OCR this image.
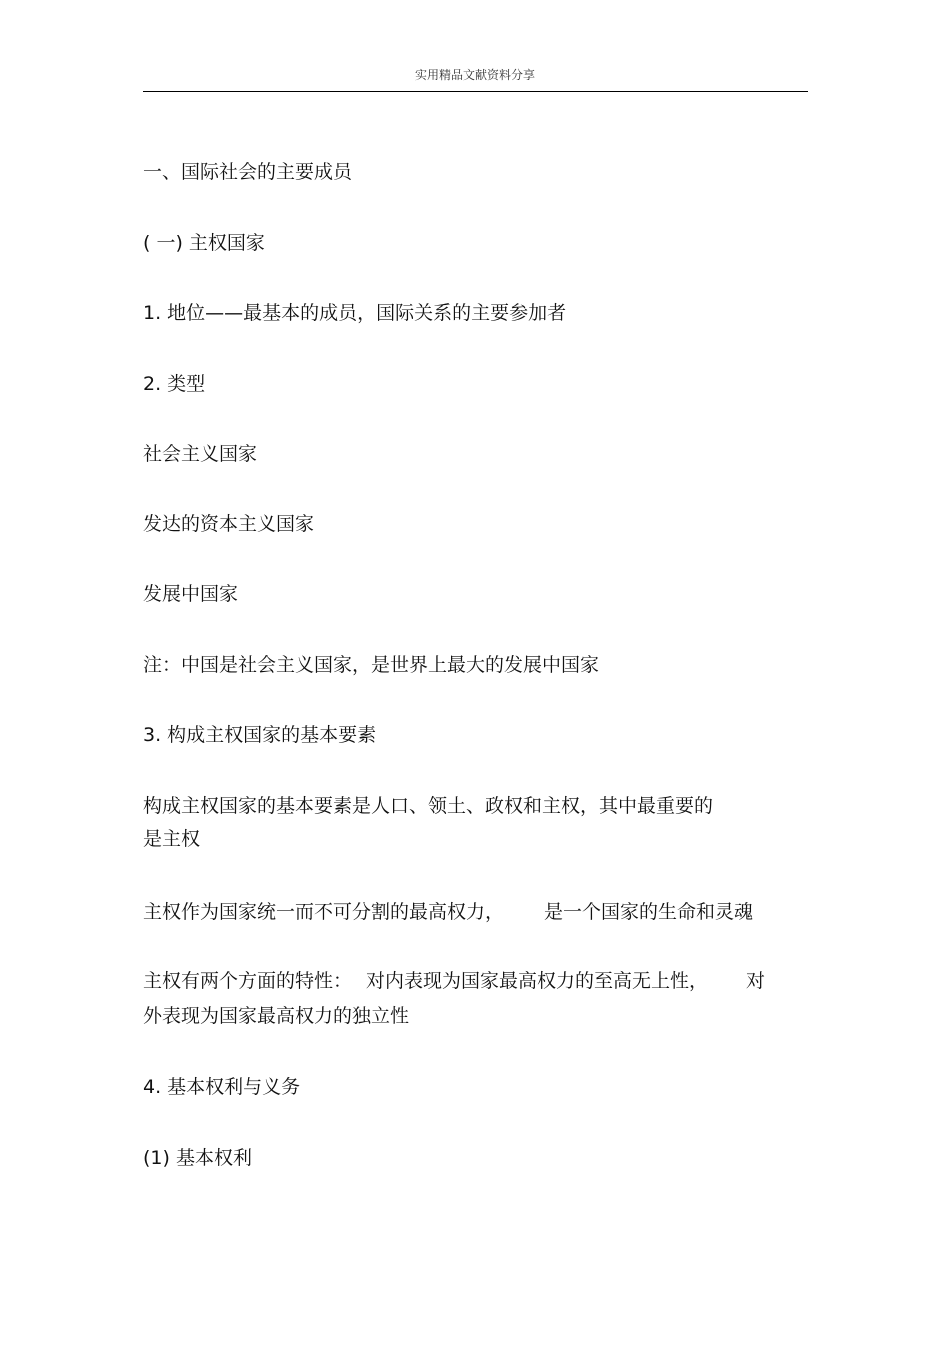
实用精品文献资料分享
一、国际社会的主要成员
( 一) 主权国家
1. 地位——最基本的成员，国际关系的主要参加者
2. 类型
社会主义国家
发达的资本主义国家
发展中国家
注：中国是社会主义国家，是世界上最大的发展中国家
3. 构成主权国家的基本要素
构成主权国家的基本要素是人口、领土、政权和主权，其中最重要的
是主权
主权作为国家统一而不可分割的最高权力， 是一个国家的生命和灵魂
主权有两个方面的特性： 对内表现为国家最高权力的至高无上性， 对
外表现为国家最高权力的独立性
4. 基本权利与义务
(1) 基本权利
